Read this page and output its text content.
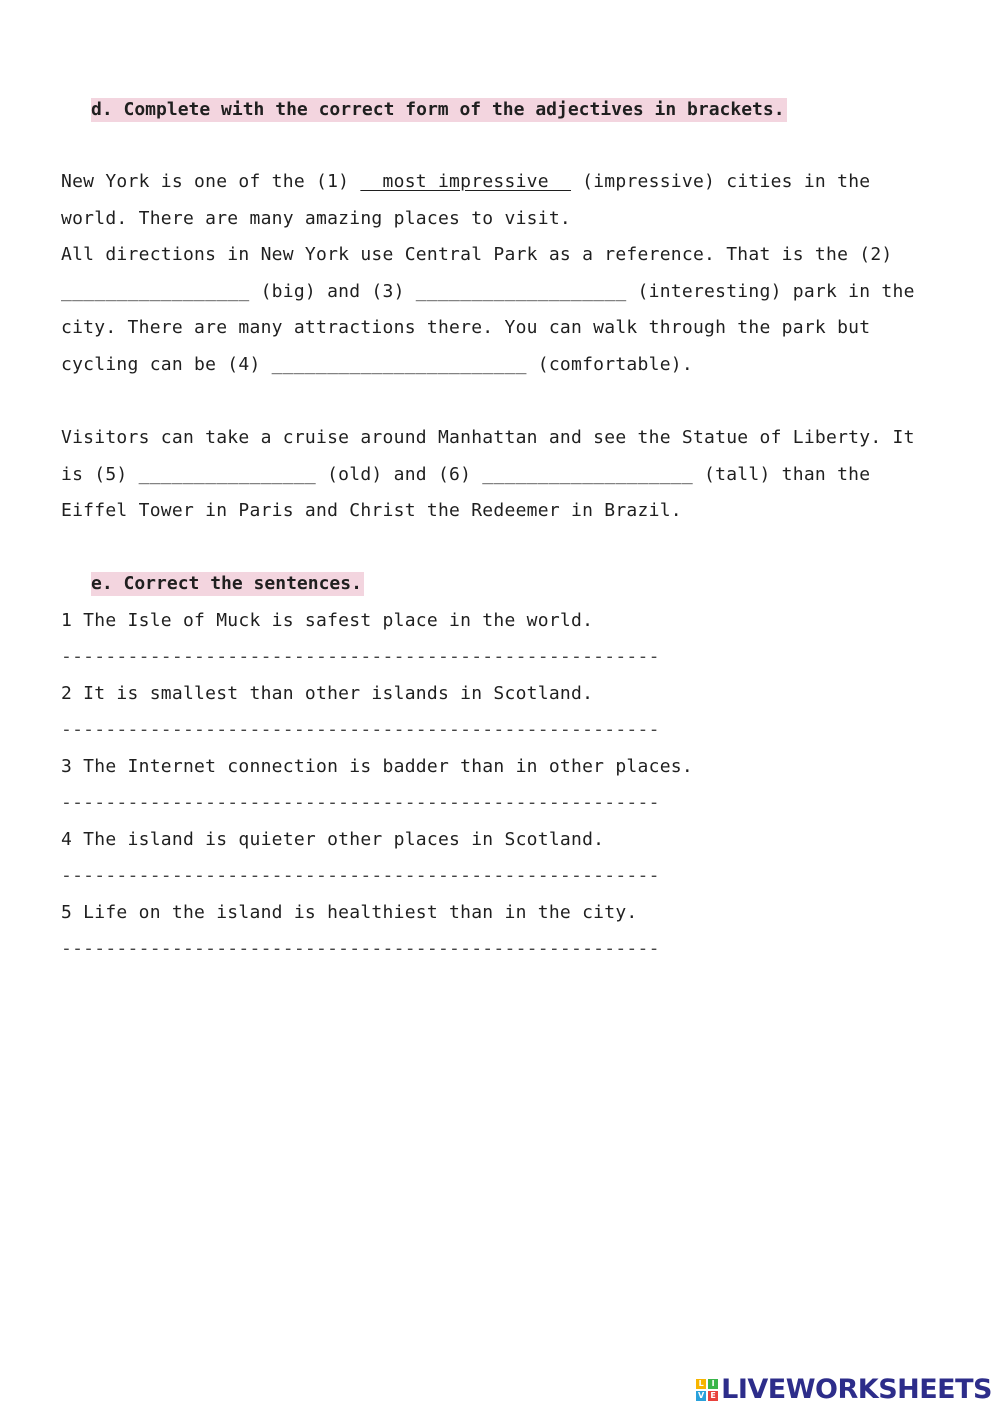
d. Complete with the correct form of the adjectives in brackets.
New York is one of the (1)   most impressive   (impressive) cities in the
world. There are many amazing places to visit.
All directions in New York use Central Park as a reference. That is the (2)
_________________ (big) and (3) ___________________ (interesting) park in the
city. There are many attractions there. You can walk through the park but
cycling can be (4) _______________________ (comfortable).
Visitors can take a cruise around Manhattan and see the Statue of Liberty. It
is (5) ________________ (old) and (6) ___________________ (tall) than the
Eiffel Tower in Paris and Christ the Redeemer in Brazil.
e. Correct the sentences.
1 The Isle of Muck is safest place in the world.
------------------------------------------------------
2 It is smallest than other islands in Scotland.
------------------------------------------------------
3 The Internet connection is badder than in other places.
------------------------------------------------------
4 The island is quieter other places in Scotland.
------------------------------------------------------
5 Life on the island is healthiest than in the city.
------------------------------------------------------
L I
V E LIVEWORKSHEETS
